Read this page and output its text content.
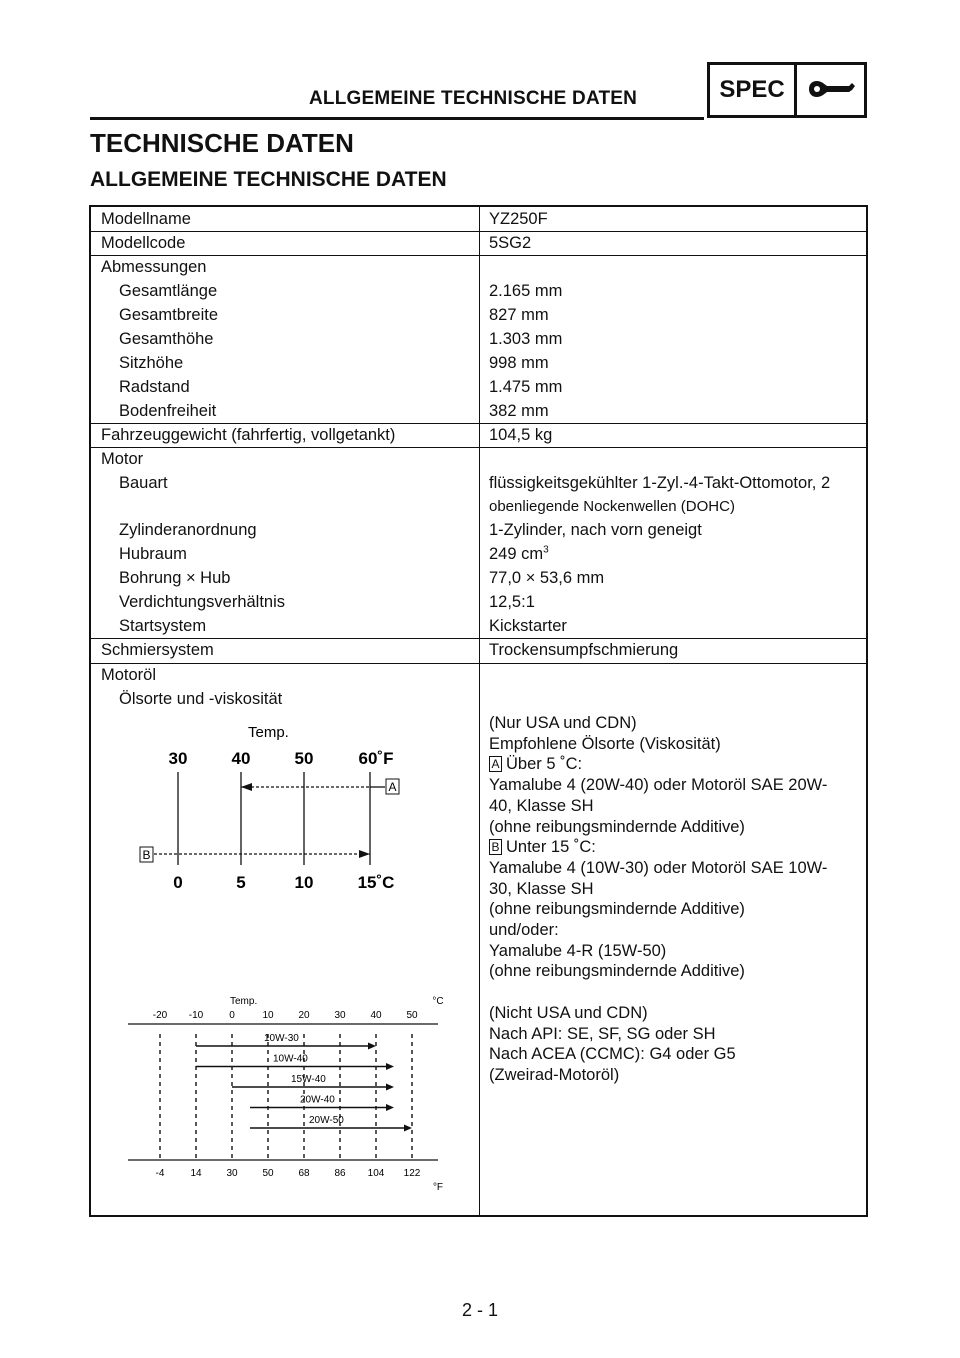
ALLGEMEINE TECHNISCHE DATEN	SPEC
TECHNISCHE DATEN
ALLGEMEINE TECHNISCHE DATEN
Modellname	YZ250F
Modellcode	5SG2
Abmessungen
Gesamtlänge	2.165 mm
Gesamtbreite	827 mm
Gesamthöhe	1.303 mm
Sitzhöhe	998 mm
Radstand	1.475 mm
Bodenfreiheit	382 mm
Fahrzeuggewicht (fahrfertig, vollgetankt)	104,5 kg
Motor
Bauart	flüssigkeitsgekühlter 1-Zyl.-4-Takt-Ottomotor, 2
obenliegende Nockenwellen (DOHC)
Zylinderanordnung	1-Zylinder, nach vorn geneigt
Hubraum	249 $cm^3$
Bohrung × Hub	77,0 × 53,6 mm
Verdichtungsverhältnis	12,5:1
Startsystem	Kickstarter
Schmiersystem	Trockensumpfschmierung
Motoröl
Ölsorte und -viskosität
(Nur USA und CDN)
Empfohlene Ölsorte (Viskosität)
A Über 5 ˚C:
Yamalube 4 (20W-40) oder Motoröl SAE 20W-
40, Klasse SH
(ohne reibungsmindernde Additive)
B Unter 15 ˚C:
Yamalube 4 (10W-30) oder Motoröl SAE 10W-
30, Klasse SH
(ohne reibungsmindernde Additive)
und/oder:
Yamalube 4-R (15W-50)
(ohne reibungsmindernde Additive)
(Nicht USA und CDN)
Nach API: SE, SF, SG oder SH
Nach ACEA (CCMC): G4 oder G5
(Zweirad-Motoröl)
Temp.
30	40	50	60˚F
0	5	10	15˚C
A
B
Temp.	°C
°F
-20
-4
-10
14
0
30
10
50
20
68
30
86
40
104
50
122
10W-30
10W-40
15W-40
20W-40
20W-50
2 - 1
